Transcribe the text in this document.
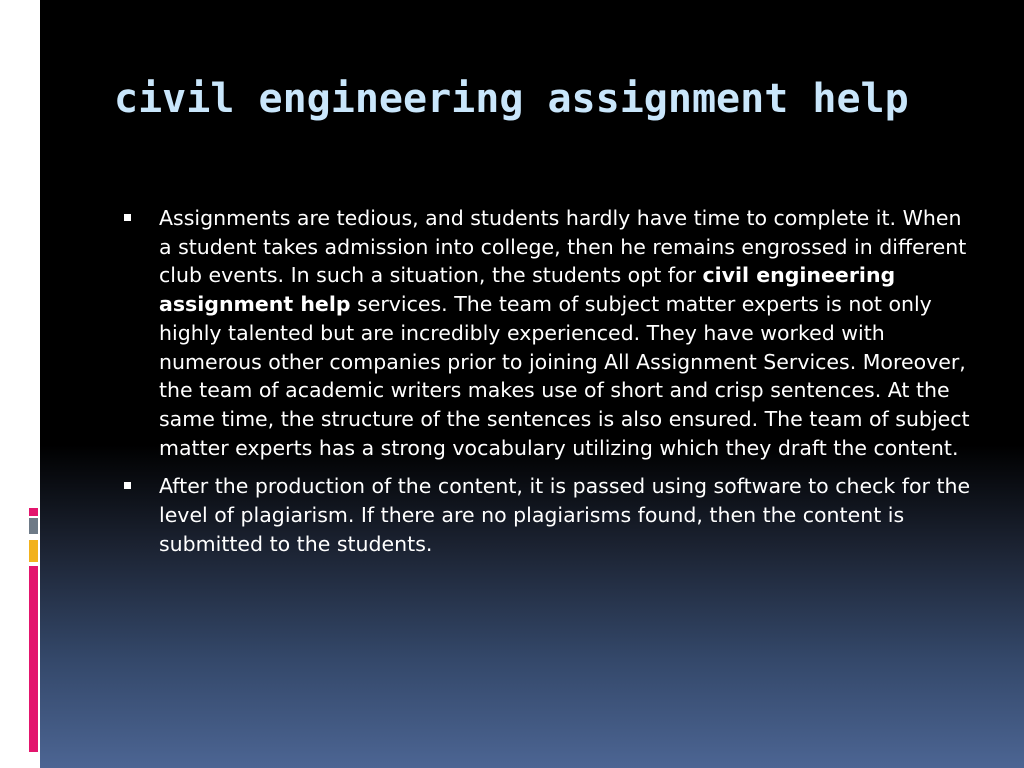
civil engineering assignment help
Assignments are tedious, and students hardly have time to complete it. When a student takes admission into college, then he remains engrossed in different club events. In such a situation, the students opt for civil engineering assignment help services. The team of subject matter experts is not only highly talented but are incredibly experienced. They have worked with numerous other companies prior to joining All Assignment Services. Moreover, the team of academic writers makes use of short and crisp sentences. At the same time, the structure of the sentences is also ensured. The team of subject matter experts has a strong vocabulary utilizing which they draft the content.
After the production of the content, it is passed using software to check for the level of plagiarism. If there are no plagiarisms found, then the content is submitted to the students.
